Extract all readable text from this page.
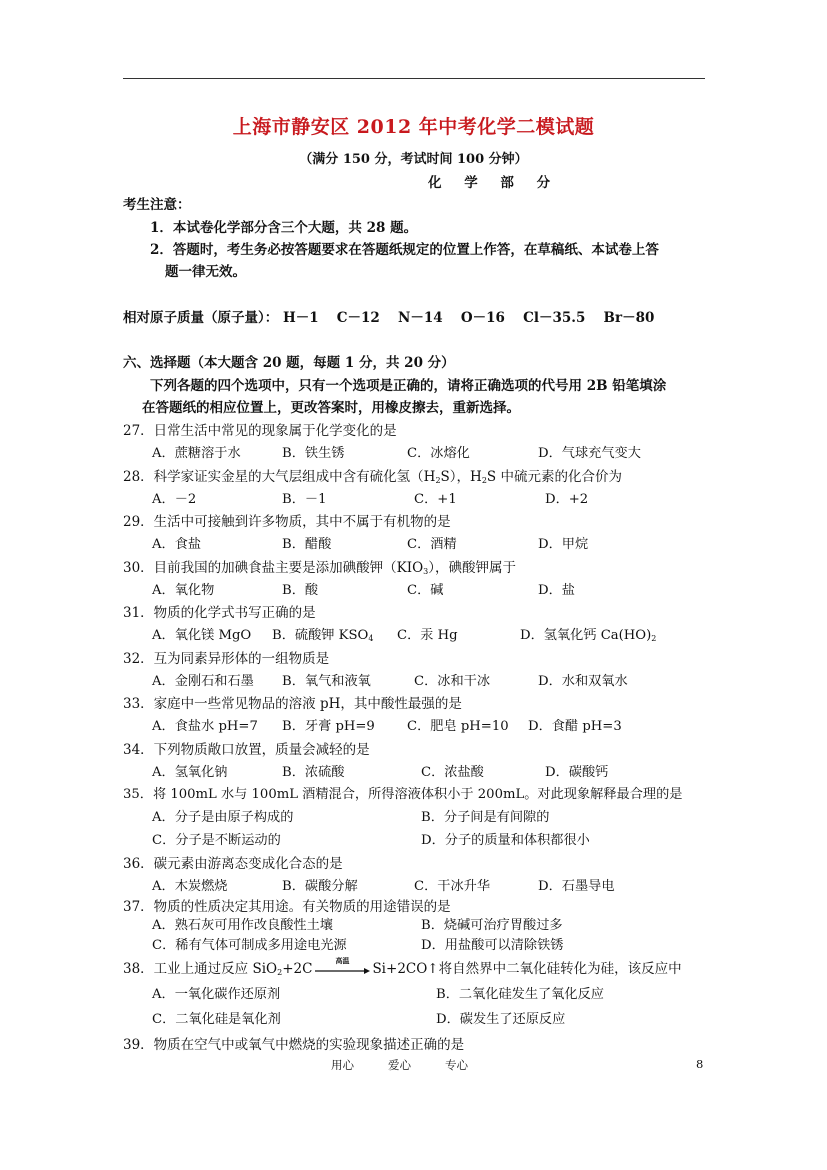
上海市静安区 2012 年中考化学二模试题
（满分 150 分，考试时间 100 分钟）
化 学 部 分
考生注意：
1．本试卷化学部分含三个大题，共 28 题。
2．答题时，考生务必按答题要求在答题纸规定的位置上作答，在草稿纸、本试卷上答
题一律无效。
相对原子质量（原子量）： H－1　 C－12　 N－14　 O－16　 Cl－35.5　 Br－80
六、选择题（本大题含 20 题，每题 1 分，共 20 分）
下列各题的四个选项中，只有一个选项是正确的，请将正确选项的代号用 2B 铅笔填涂
在答题纸的相应位置上，更改答案时，用橡皮擦去，重新选择。
27．日常生活中常见的现象属于化学变化的是
A．蔗糖溶于水	B．铁生锈	C．冰熔化	D．气球充气变大
28．科学家证实金星的大气层组成中含有硫化氢$(H_2S)$，$H_2S$ 中硫元素的化合价为
A．－2	B．－1	C．+1	D．+2
29．生活中可接触到许多物质，其中不属于有机物的是
A．食盐	B．醋酸	C．酒精	D．甲烷
30．目前我国的加碘食盐主要是添加碘酸钾$(KIO_3)$，碘酸钾属于
A．氧化物	B．酸	C．碱	D．盐
31．物质的化学式书写正确的是
A．氧化镁 MgO B．硫酸钾 $KSO_4$ C．汞 Hg	D．氢氧化钙 $Ca(HO)_2$
32．互为同素异形体的一组物质是
A．金刚石和石墨 B．氧气和液氧	C．冰和干冰	D．水和双氧水
33．家庭中一些常见物品的溶液 pH，其中酸性最强的是
A．食盐水 pH=7 B．牙膏 pH=9 C．肥皂 pH=10 D．食醋 pH=3
34．下列物质敞口放置，质量会减轻的是
A．氢氧化钠	B．浓硫酸	C．浓盐酸	D．碳酸钙
35．将 100mL 水与 100mL 酒精混合，所得溶液体积小于 200mL。对此现象解释最合理的是
A．分子是由原子构成的	B．分子间是有间隙的
C．分子是不断运动的	D．分子的质量和体积都很小
36．碳元素由游离态变成化合态的是
A．木炭燃烧	B．碳酸分解	C．干冰升华	D．石墨导电
37．物质的性质决定其用途。有关物质的用途错误的是
A．熟石灰可用作改良酸性土壤	B．烧碱可治疗胃酸过多
C．稀有气体可制成多用途电光源	D．用盐酸可以清除铁锈
38．工业上通过反应 SiO$_2$+2C
高温
Si+2CO↑将自然界中二氧化硅转化为硅，该反应中
A．一氧化碳作还原剂	B．二氧化硅发生了氧化反应
C．二氧化硅是氧化剂	D．碳发生了还原反应
39．物质在空气中或氧气中燃烧的实验现象描述正确的是
用心	爱心	专心	8
